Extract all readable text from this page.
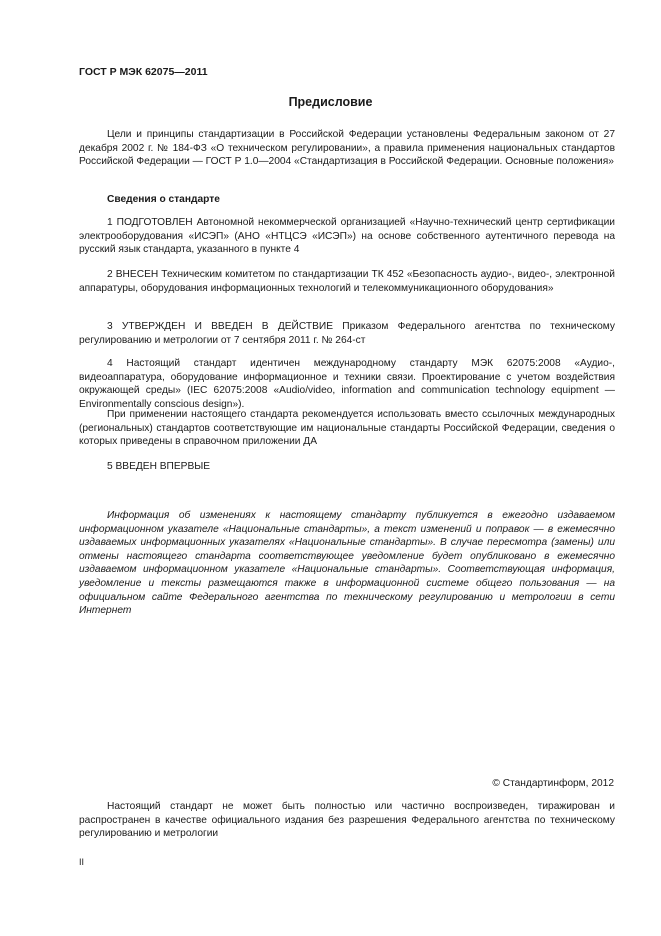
ГОСТ Р МЭК 62075—2011
Предисловие

Цели и принципы стандартизации в Российской Федерации установлены Федеральным законом от 27 декабря 2002 г. № 184-ФЗ «О техническом регулировании», а правила применения национальных стандартов Российской Федерации — ГОСТ Р 1.0—2004 «Стандартизация в Российской Федерации. Основные положения»

Сведения о стандарте

1 ПОДГОТОВЛЕН Автономной некоммерческой организацией «Научно-технический центр сертификации электрооборудования «ИСЭП» (АНО «НТЦСЭ «ИСЭП») на основе собственного аутентичного перевода на русский язык стандарта, указанного в пункте 4

2 ВНЕСЕН Техническим комитетом по стандартизации ТК 452 «Безопасность аудио-, видео-, электронной аппаратуры, оборудования информационных технологий и телекоммуникационного оборудования»

3 УТВЕРЖДЕН И ВВЕДЕН В ДЕЙСТВИЕ Приказом Федерального агентства по техническому регулированию и метрологии от 7 сентября 2011 г. № 264-ст

4 Настоящий стандарт идентичен международному стандарту МЭК 62075:2008 «Аудио-, видеоаппаратура, оборудование информационное и техники связи. Проектирование с учетом воздействия окружающей среды» (IEC 62075:2008 «Audio/video, information and communication technology equipment — Environmentally conscious design»).

При применении настоящего стандарта рекомендуется использовать вместо ссылочных международных (региональных) стандартов соответствующие им национальные стандарты Российской Федерации, сведения о которых приведены в справочном приложении ДА

5 ВВЕДЕН ВПЕРВЫЕ

Информация об изменениях к настоящему стандарту публикуется в ежегодно издаваемом информационном указателе «Национальные стандарты», а текст изменений и поправок — в ежемесячно издаваемых информационных указателях «Национальные стандарты». В случае пересмотра (замены) или отмены настоящего стандарта соответствующее уведомление будет опубликовано в ежемесячно издаваемом информационном указателе «Национальные стандарты». Соответствующая информация, уведомление и тексты размещаются также в информационной системе общего пользования — на официальном сайте Федерального агентства по техническому регулированию и метрологии в сети Интернет

© Стандартинформ, 2012

Настоящий стандарт не может быть полностью или частично воспроизведен, тиражирован и распространен в качестве официального издания без разрешения Федерального агентства по техническому регулированию и метрологии

II
